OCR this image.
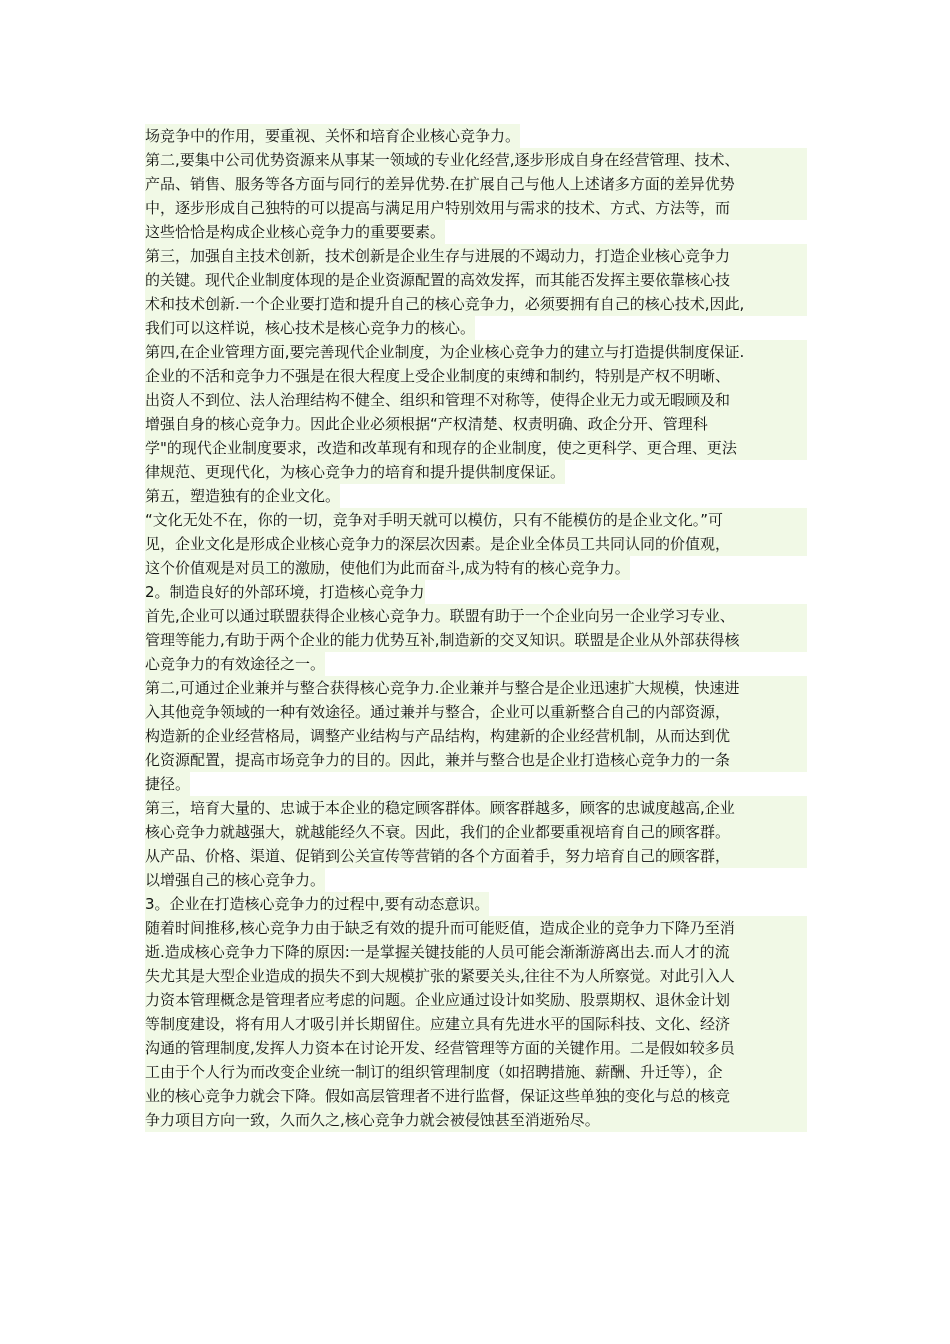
场竞争中的作用，要重视、关怀和培育企业核心竞争力。
第二,要集中公司优势资源来从事某一领域的专业化经营,逐步形成自身在经营管理、技术、
产品、销售、服务等各方面与同行的差异优势.在扩展自己与他人上述诸多方面的差异优势
中，逐步形成自己独特的可以提高与满足用户特别效用与需求的技术、方式、方法等，而
这些恰恰是构成企业核心竞争力的重要要素。
第三，加强自主技术创新，技术创新是企业生存与进展的不竭动力，打造企业核心竞争力
的关键。现代企业制度体现的是企业资源配置的高效发挥，而其能否发挥主要依靠核心技
术和技术创新.一个企业要打造和提升自己的核心竞争力，必须要拥有自己的核心技术,因此,
我们可以这样说，核心技术是核心竞争力的核心。
第四,在企业管理方面,要完善现代企业制度，为企业核心竞争力的建立与打造提供制度保证.
企业的不活和竞争力不强是在很大程度上受企业制度的束缚和制约，特别是产权不明晰、
出资人不到位、法人治理结构不健全、组织和管理不对称等，使得企业无力或无暇顾及和
增强自身的核心竞争力。因此企业必须根据“产权清楚、权责明确、政企分开、管理科
学"的现代企业制度要求，改造和改革现有和现存的企业制度，使之更科学、更合理、更法
律规范、更现代化，为核心竞争力的培育和提升提供制度保证。
第五，塑造独有的企业文化。
“文化无处不在，你的一切，竞争对手明天就可以模仿，只有不能模仿的是企业文化。”可
见，企业文化是形成企业核心竞争力的深层次因素。是企业全体员工共同认同的价值观，
这个价值观是对员工的激励，使他们为此而奋斗,成为特有的核心竞争力。
2。制造良好的外部环境，打造核心竞争力
首先,企业可以通过联盟获得企业核心竞争力。联盟有助于一个企业向另一企业学习专业、
管理等能力,有助于两个企业的能力优势互补,制造新的交叉知识。联盟是企业从外部获得核
心竞争力的有效途径之一。
第二,可通过企业兼并与整合获得核心竞争力.企业兼并与整合是企业迅速扩大规模，快速进
入其他竞争领域的一种有效途径。通过兼并与整合，企业可以重新整合自己的内部资源，
构造新的企业经营格局，调整产业结构与产品结构，构建新的企业经营机制，从而达到优
化资源配置，提高市场竞争力的目的。因此，兼并与整合也是企业打造核心竞争力的一条
捷径。
第三，培育大量的、忠诚于本企业的稳定顾客群体。顾客群越多，顾客的忠诚度越高,企业
核心竞争力就越强大，就越能经久不衰。因此，我们的企业都要重视培育自己的顾客群。
从产品、价格、渠道、促销到公关宣传等营销的各个方面着手，努力培育自己的顾客群，
以增强自己的核心竞争力。
3。企业在打造核心竞争力的过程中,要有动态意识。
随着时间推移,核心竞争力由于缺乏有效的提升而可能贬值，造成企业的竞争力下降乃至消
逝.造成核心竞争力下降的原因:一是掌握关键技能的人员可能会渐渐游离出去.而人才的流
失尤其是大型企业造成的损失不到大规模扩张的紧要关头,往往不为人所察觉。对此引入人
力资本管理概念是管理者应考虑的问题。企业应通过设计如奖励、股票期权、退休金计划
等制度建设，将有用人才吸引并长期留住。应建立具有先进水平的国际科技、文化、经济
沟通的管理制度,发挥人力资本在讨论开发、经营管理等方面的关键作用。二是假如较多员
工由于个人行为而改变企业统一制订的组织管理制度（如招聘措施、薪酬、升迁等），企
业的核心竞争力就会下降。假如高层管理者不进行监督，保证这些单独的变化与总的核竞
争力项目方向一致，久而久之,核心竞争力就会被侵蚀甚至消逝殆尽。
